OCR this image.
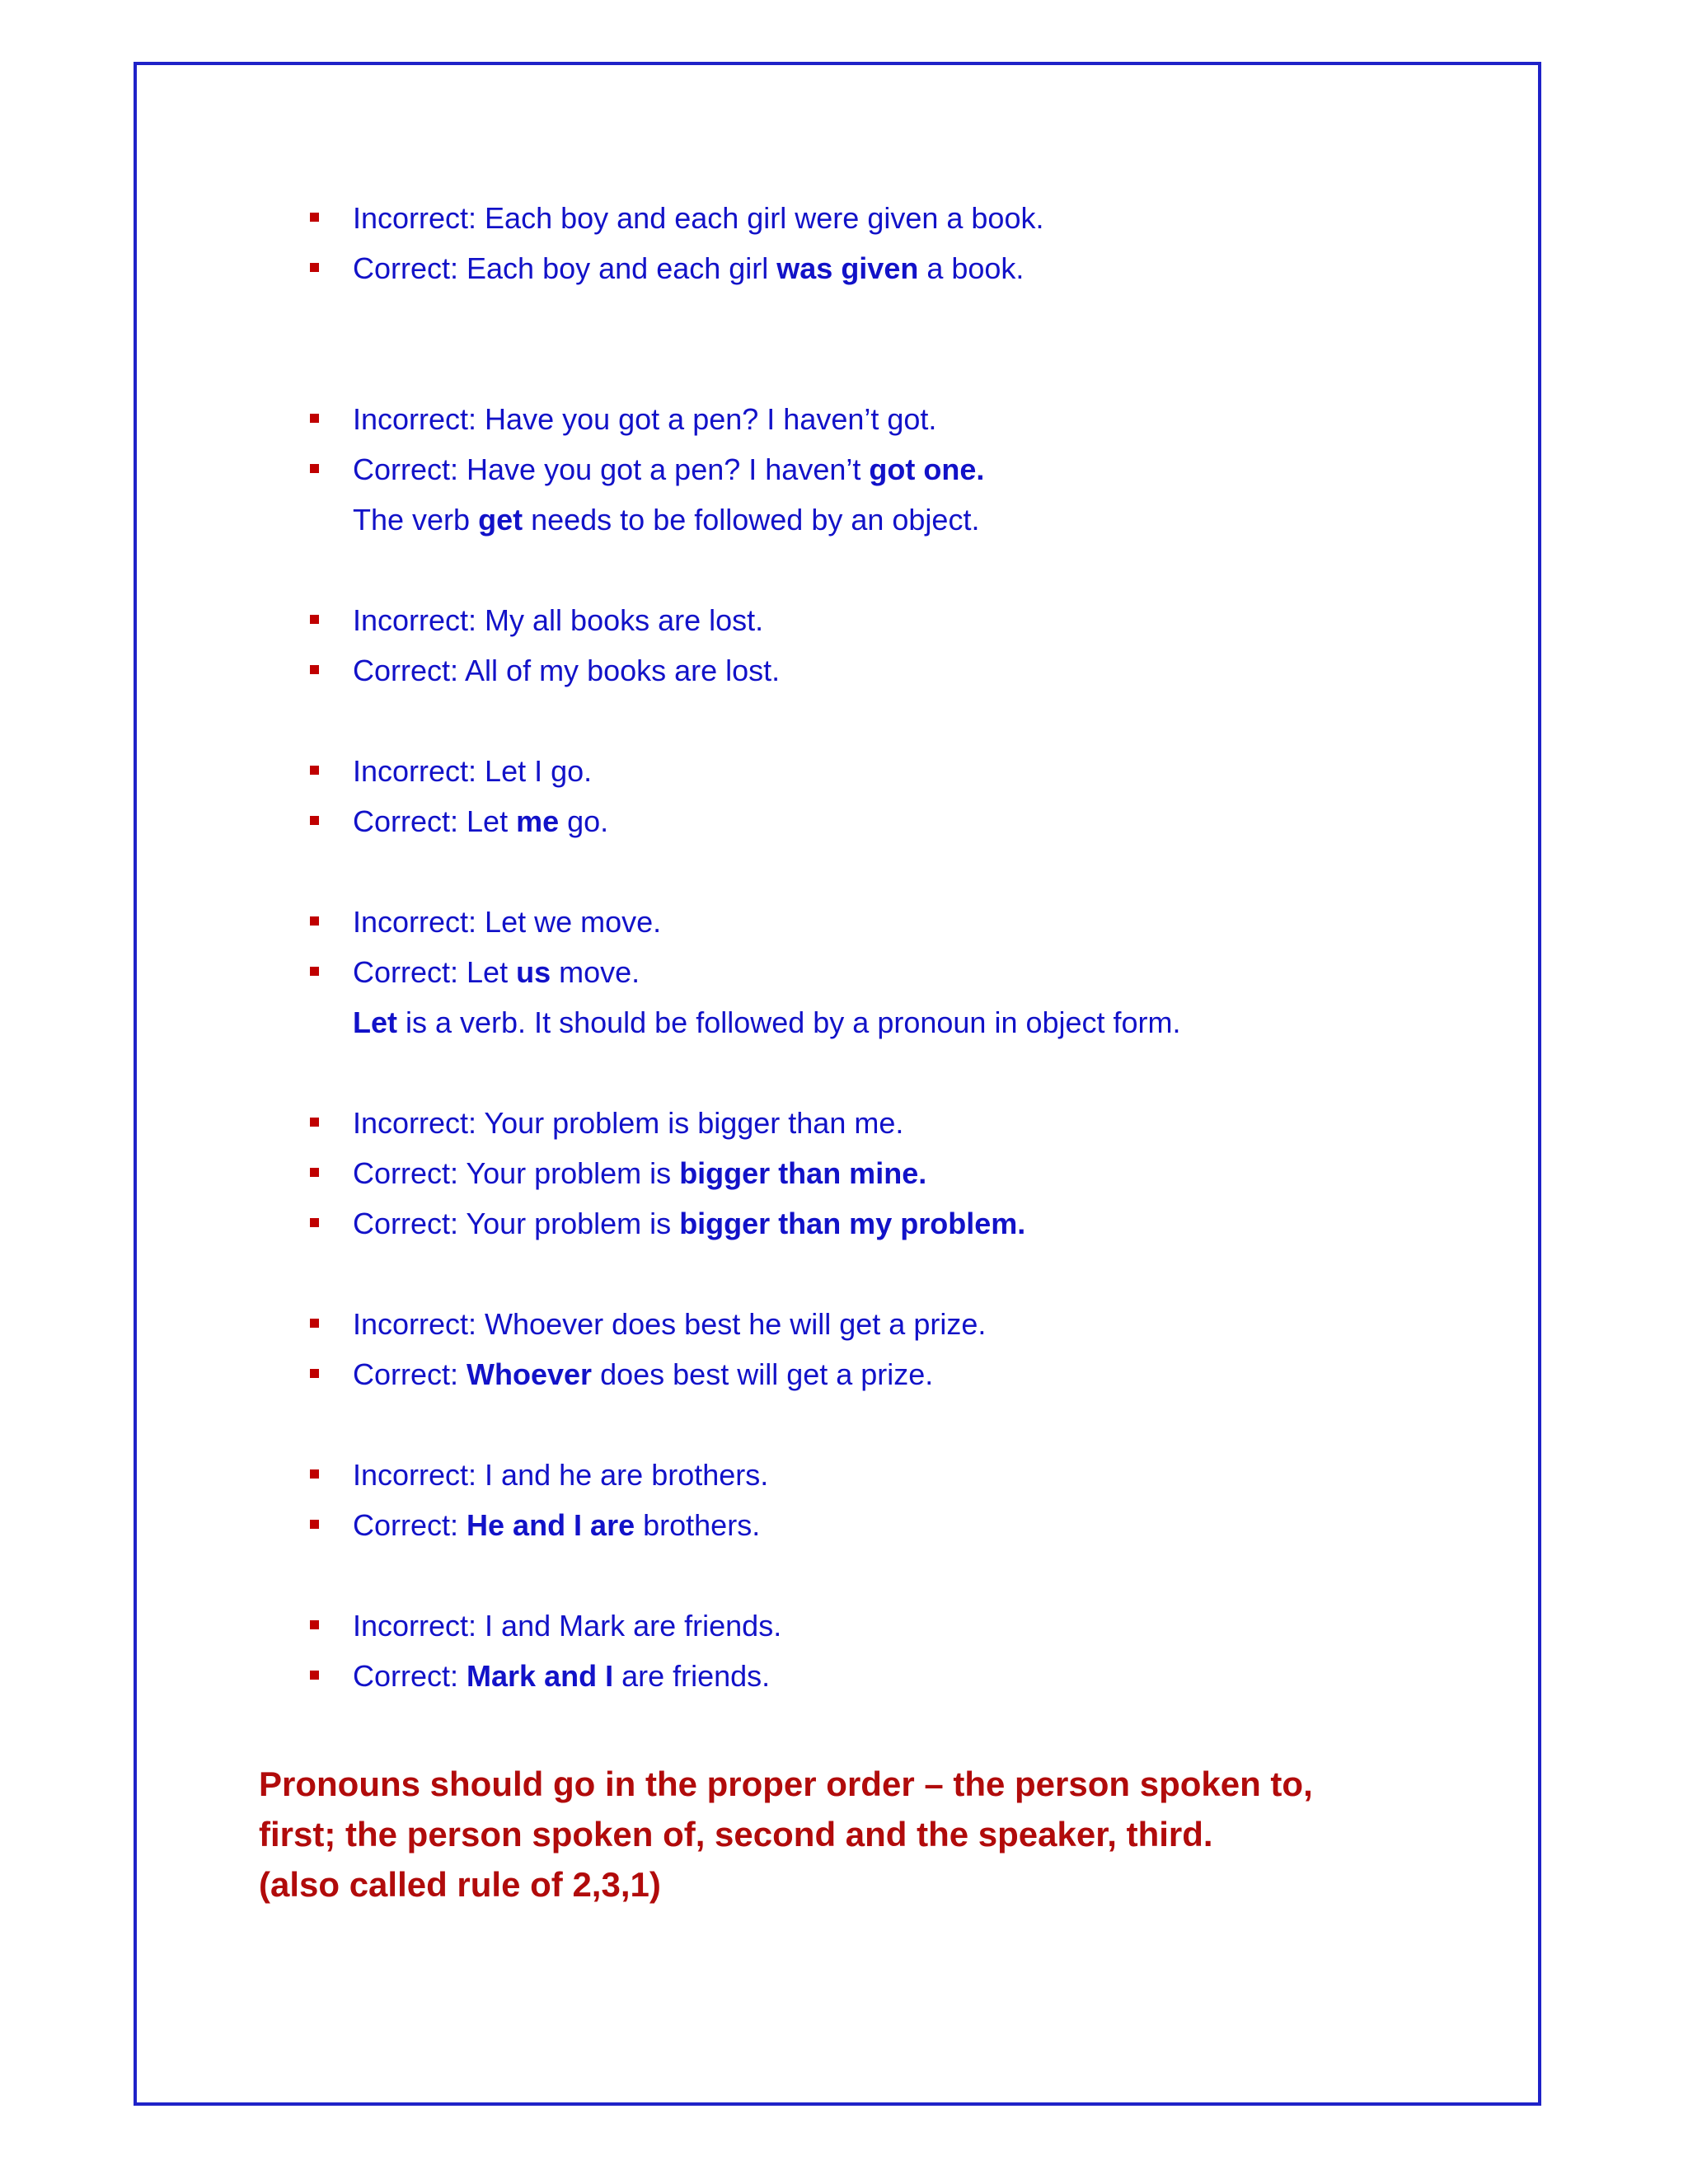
Incorrect: Each boy and each girl were given a book.
Correct: Each boy and each girl was given a book.
Incorrect: Have you got a pen? I haven’t got.
Correct: Have you got a pen? I haven’t got one.
The verb get needs to be followed by an object.
Incorrect: My all books are lost.
Correct: All of my books are lost.
Incorrect: Let I go.
Correct: Let me go.
Incorrect: Let we move.
Correct: Let us move.
Let is a verb. It should be followed by a pronoun in object form.
Incorrect: Your problem is bigger than me.
Correct: Your problem is bigger than mine.
Correct: Your problem is bigger than my problem.
Incorrect: Whoever does best he will get a prize.
Correct: Whoever does best will get a prize.
Incorrect: I and he are brothers.
Correct: He and I are brothers.
Incorrect: I and Mark are friends.
Correct: Mark and I are friends.
Pronouns should go in the proper order – the person spoken to,
first; the person spoken of, second and the speaker, third.
(also called rule of 2,3,1)
